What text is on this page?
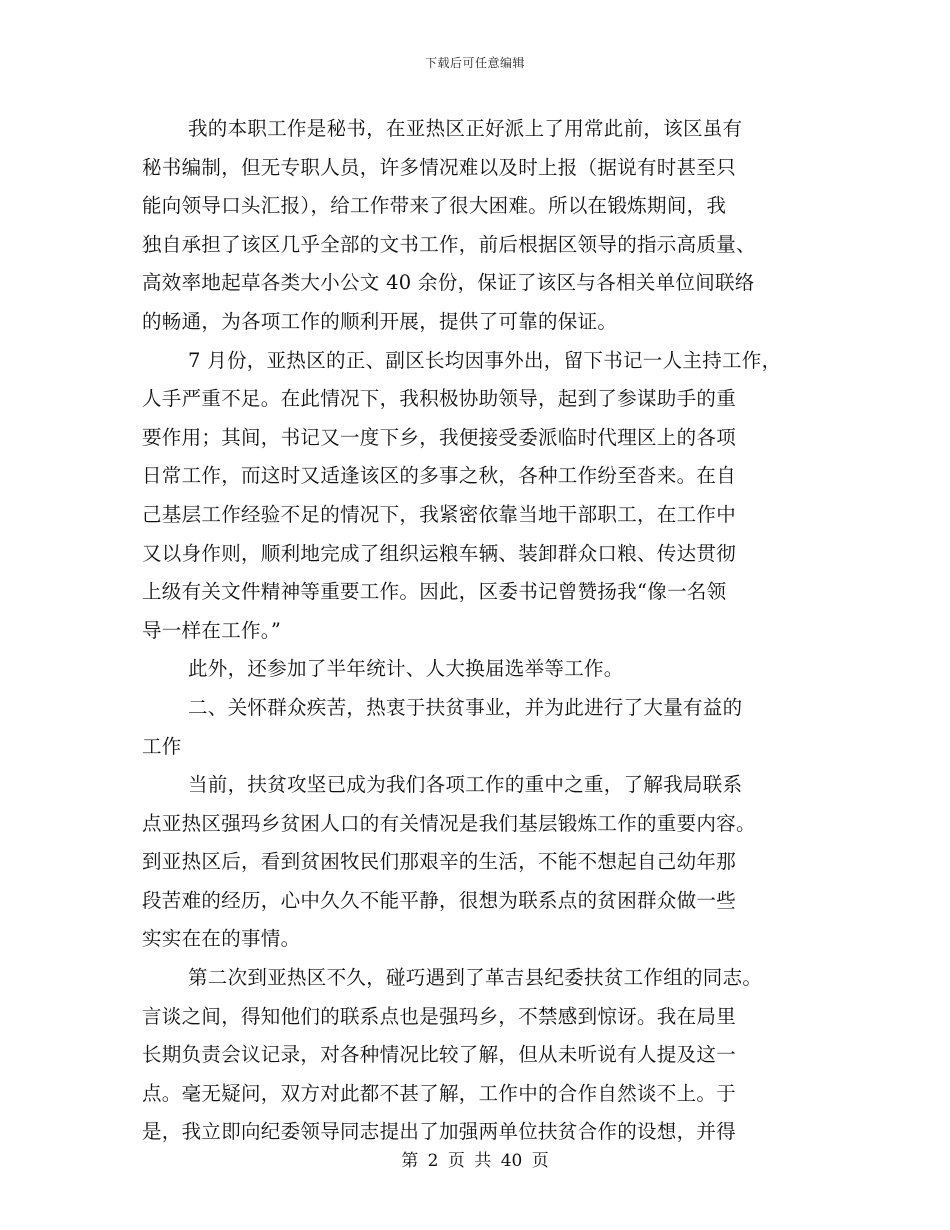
下载后可任意编辑
我的本职工作是秘书，在亚热区正好派上了用常此前，该区虽有
秘书编制，但无专职人员，许多情况难以及时上报（据说有时甚至只
能向领导口头汇报），给工作带来了很大困难。所以在锻炼期间，我
独自承担了该区几乎全部的文书工作，前后根据区领导的指示高质量、
高效率地起草各类大小公文 40 余份，保证了该区与各相关单位间联络
的畅通，为各项工作的顺利开展，提供了可靠的保证。
7 月份，亚热区的正、副区长均因事外出，留下书记一人主持工作，
人手严重不足。在此情况下，我积极协助领导，起到了参谋助手的重
要作用；其间，书记又一度下乡，我便接受委派临时代理区上的各项
日常工作，而这时又适逢该区的多事之秋，各种工作纷至沓来。在自
己基层工作经验不足的情况下，我紧密依靠当地干部职工，在工作中
又以身作则，顺利地完成了组织运粮车辆、装卸群众口粮、传达贯彻
上级有关文件精神等重要工作。因此，区委书记曾赞扬我“像一名领
导一样在工作。”
此外，还参加了半年统计、人大换届选举等工作。
二、关怀群众疾苦，热衷于扶贫事业，并为此进行了大量有益的
工作
当前，扶贫攻坚已成为我们各项工作的重中之重，了解我局联系
点亚热区强玛乡贫困人口的有关情况是我们基层锻炼工作的重要内容。
到亚热区后，看到贫困牧民们那艰辛的生活，不能不想起自己幼年那
段苦难的经历，心中久久不能平静，很想为联系点的贫困群众做一些
实实在在的事情。
第二次到亚热区不久，碰巧遇到了革吉县纪委扶贫工作组的同志。
言谈之间，得知他们的联系点也是强玛乡，不禁感到惊讶。我在局里
长期负责会议记录，对各种情况比较了解，但从未听说有人提及这一
点。毫无疑问，双方对此都不甚了解，工作中的合作自然谈不上。于
是，我立即向纪委领导同志提出了加强两单位扶贫合作的设想，并得
第 2 页 共 40 页
